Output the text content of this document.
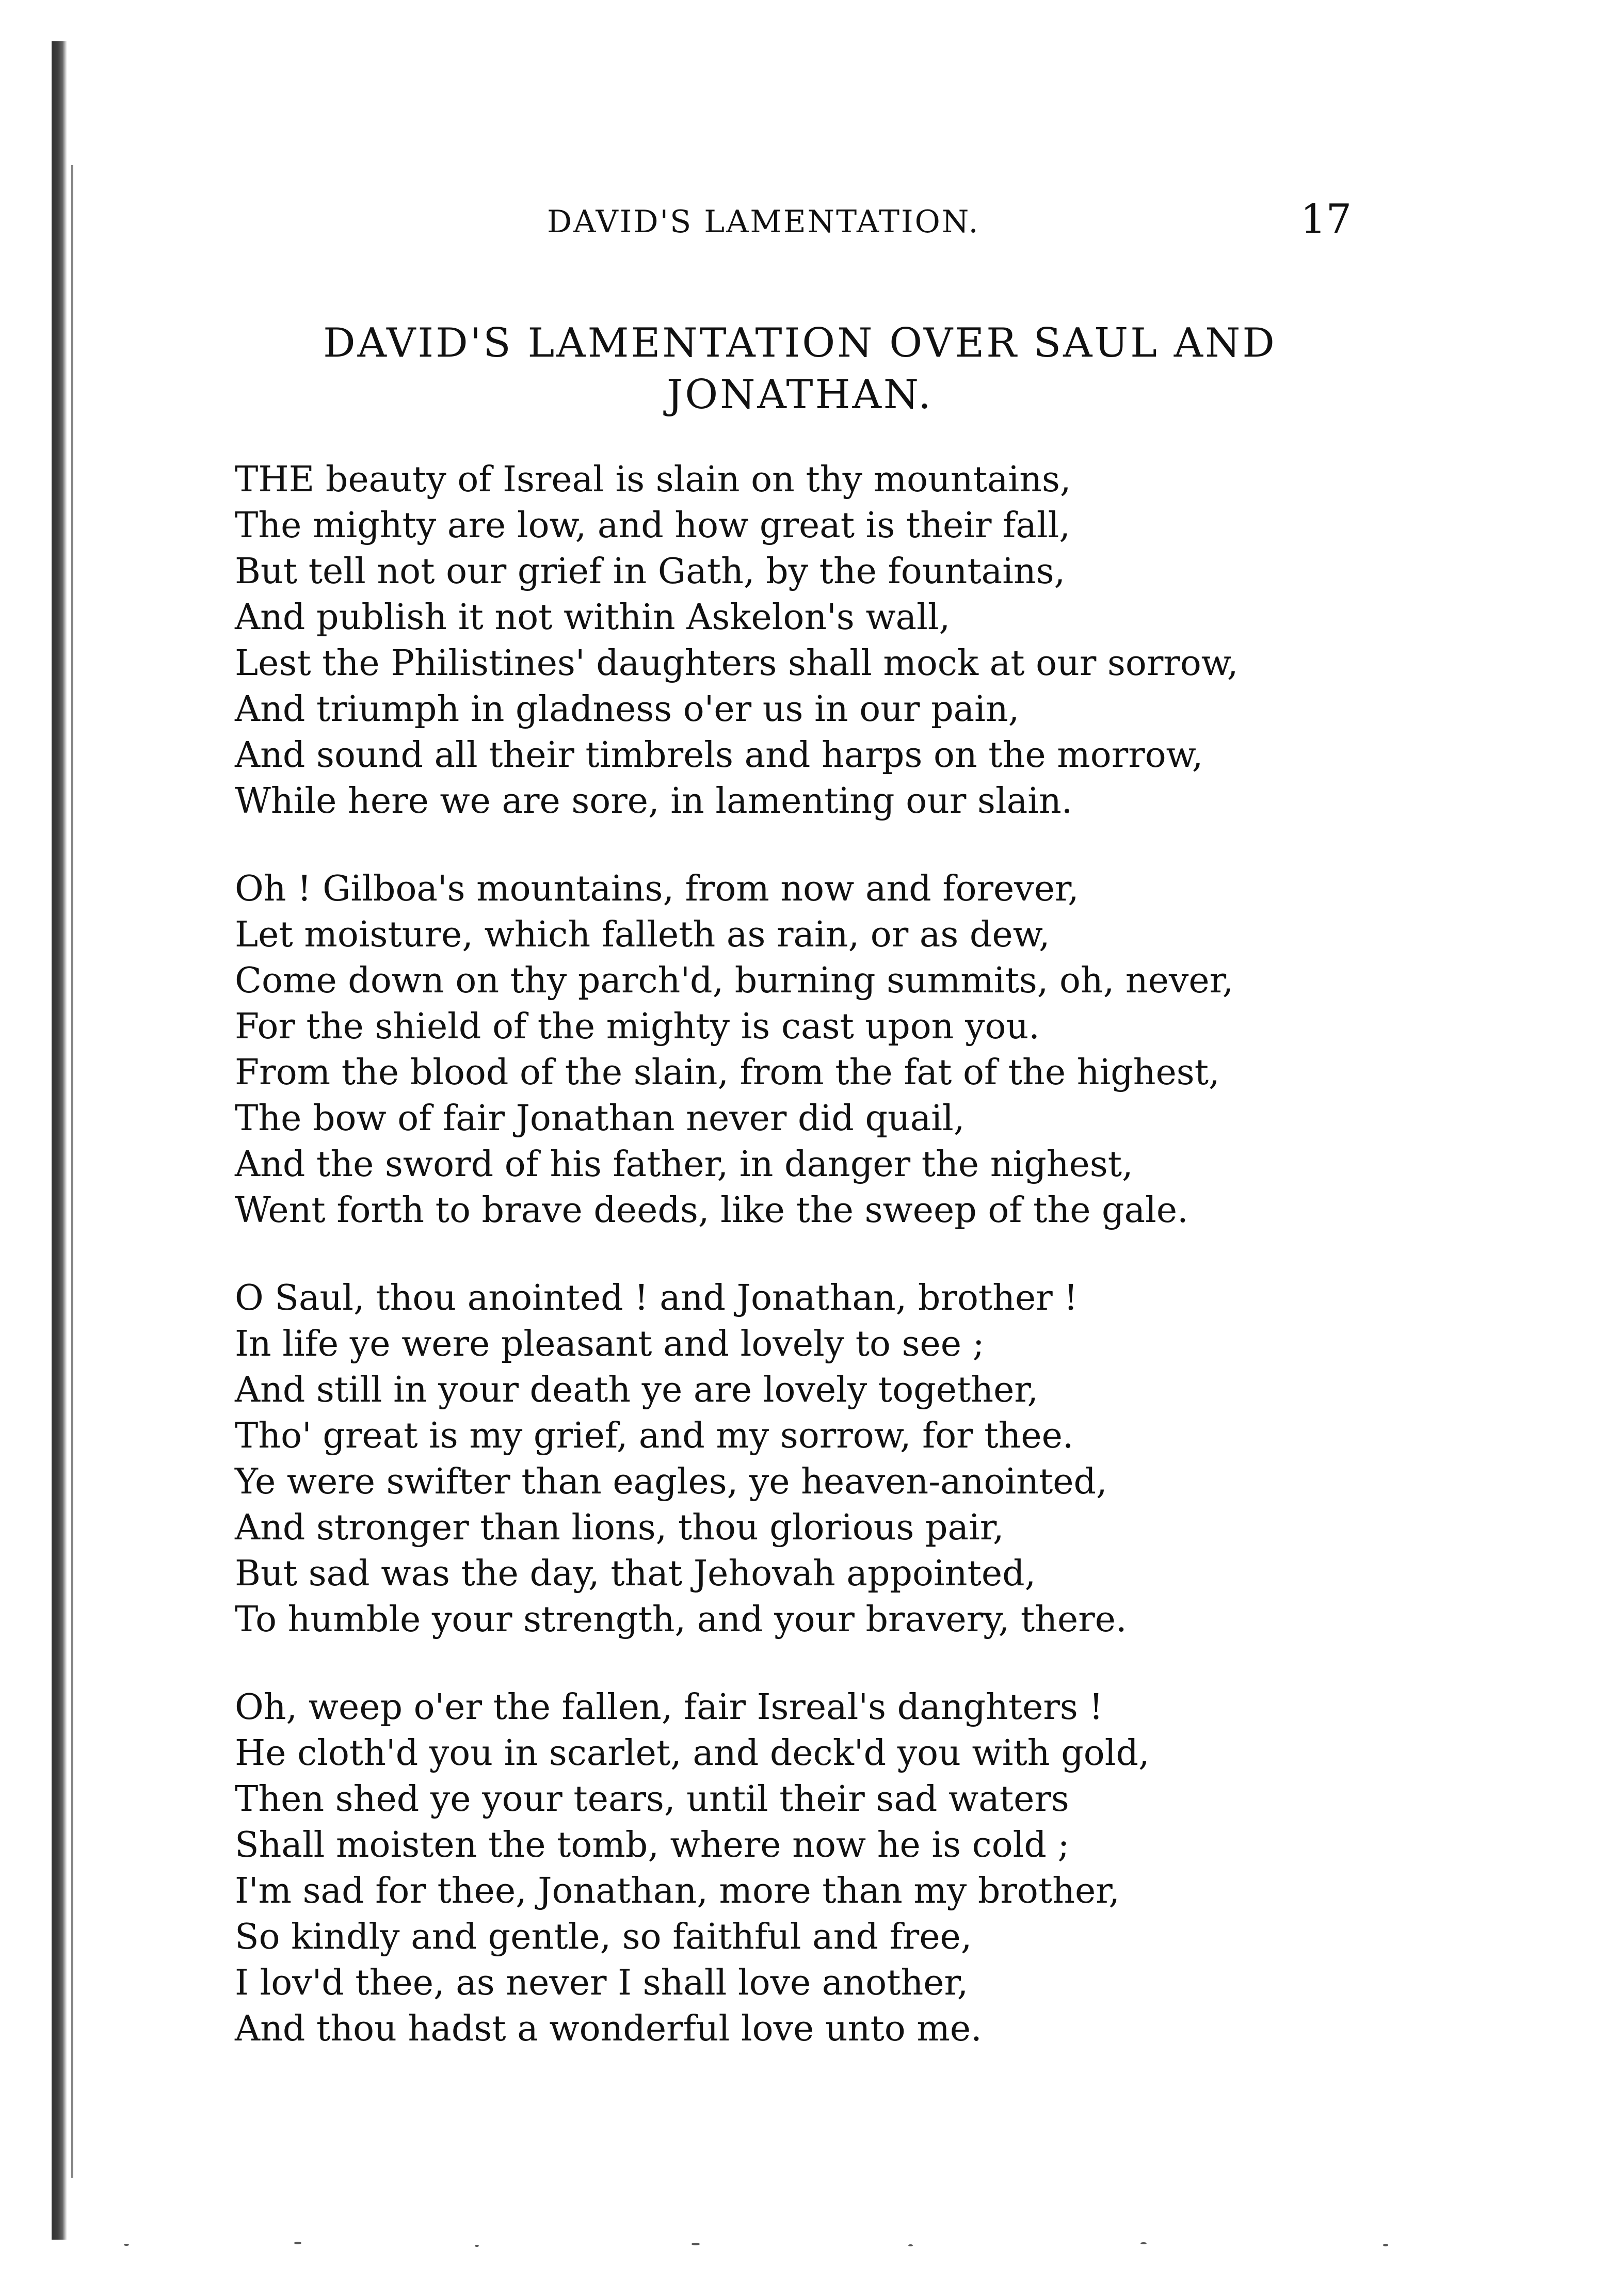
DAVID'S LAMENTATION.	17
DAVID'S LAMENTATION OVER SAUL AND
JONATHAN.
THE beauty of Isreal is slain on thy mountains,
The mighty are low, and how great is their fall,
But tell not our grief in Gath, by the fountains,
And publish it not within Askelon's wall,
Lest the Philistines' daughters shall mock at our sorrow,
And triumph in gladness o'er us in our pain,
And sound all their timbrels and harps on the morrow,
While here we are sore, in lamenting our slain.
Oh ! Gilboa's mountains, from now and forever,
Let moisture, which falleth as rain, or as dew,
Come down on thy parch'd, burning summits, oh, never,
For the shield of the mighty is cast upon you.
From the blood of the slain, from the fat of the highest,
The bow of fair Jonathan never did quail,
And the sword of his father, in danger the nighest,
Went forth to brave deeds, like the sweep of the gale.
O Saul, thou anointed ! and Jonathan, brother !
In life ye were pleasant and lovely to see ;
And still in your death ye are lovely together,
Tho' great is my grief, and my sorrow, for thee.
Ye were swifter than eagles, ye heaven-anointed,
And stronger than lions, thou glorious pair,
But sad was the day, that Jehovah appointed,
To humble your strength, and your bravery, there.
Oh, weep o'er the fallen, fair Isreal's danghters !
He cloth'd you in scarlet, and deck'd you with gold,
Then shed ye your tears, until their sad waters
Shall moisten the tomb, where now he is cold ;
I'm sad for thee, Jonathan, more than my brother,
So kindly and gentle, so faithful and free,
I lov'd thee, as never I shall love another,
And thou hadst a wonderful love unto me.
